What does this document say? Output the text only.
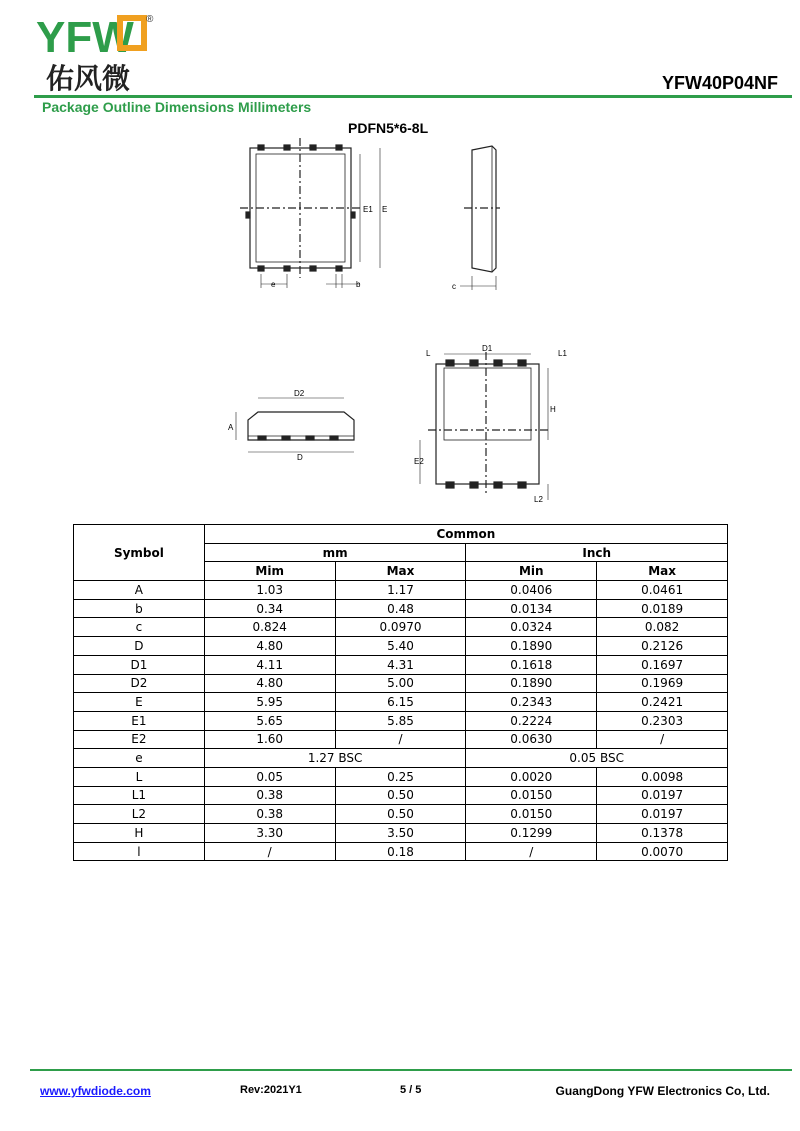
YFW ®
佑风微	YFW40P04NF
Package Outline Dimensions Millimeters
PDFN5*6-8L
E1 E
e	b	c
D1
L	L1
H
E2
L2
D2
A
D
Symbol	Common			
	mm		Inch	
	Mim	Max	Min	Max
A	1.03	1.17	0.0406	0.0461
b	0.34	0.48	0.0134	0.0189
c	0.824	0.0970	0.0324	0.082
D	4.80	5.40	0.1890	0.2126
D1	4.11	4.31	0.1618	0.1697
D2	4.80	5.00	0.1890	0.1969
E	5.95	6.15	0.2343	0.2421
E1	5.65	5.85	0.2224	0.2303
E2	1.60	/	0.0630	/
e	1.27 BSC		0.05 BSC	
L	0.05	0.25	0.0020	0.0098
L1	0.38	0.50	0.0150	0.0197
L2	0.38	0.50	0.0150	0.0197
H	3.30	3.50	0.1299	0.1378
l	/	0.18	/	0.0070
www.yfwdiode.com	Rev:2021Y1	5 / 5	GuangDong YFW Electronics Co, Ltd.
